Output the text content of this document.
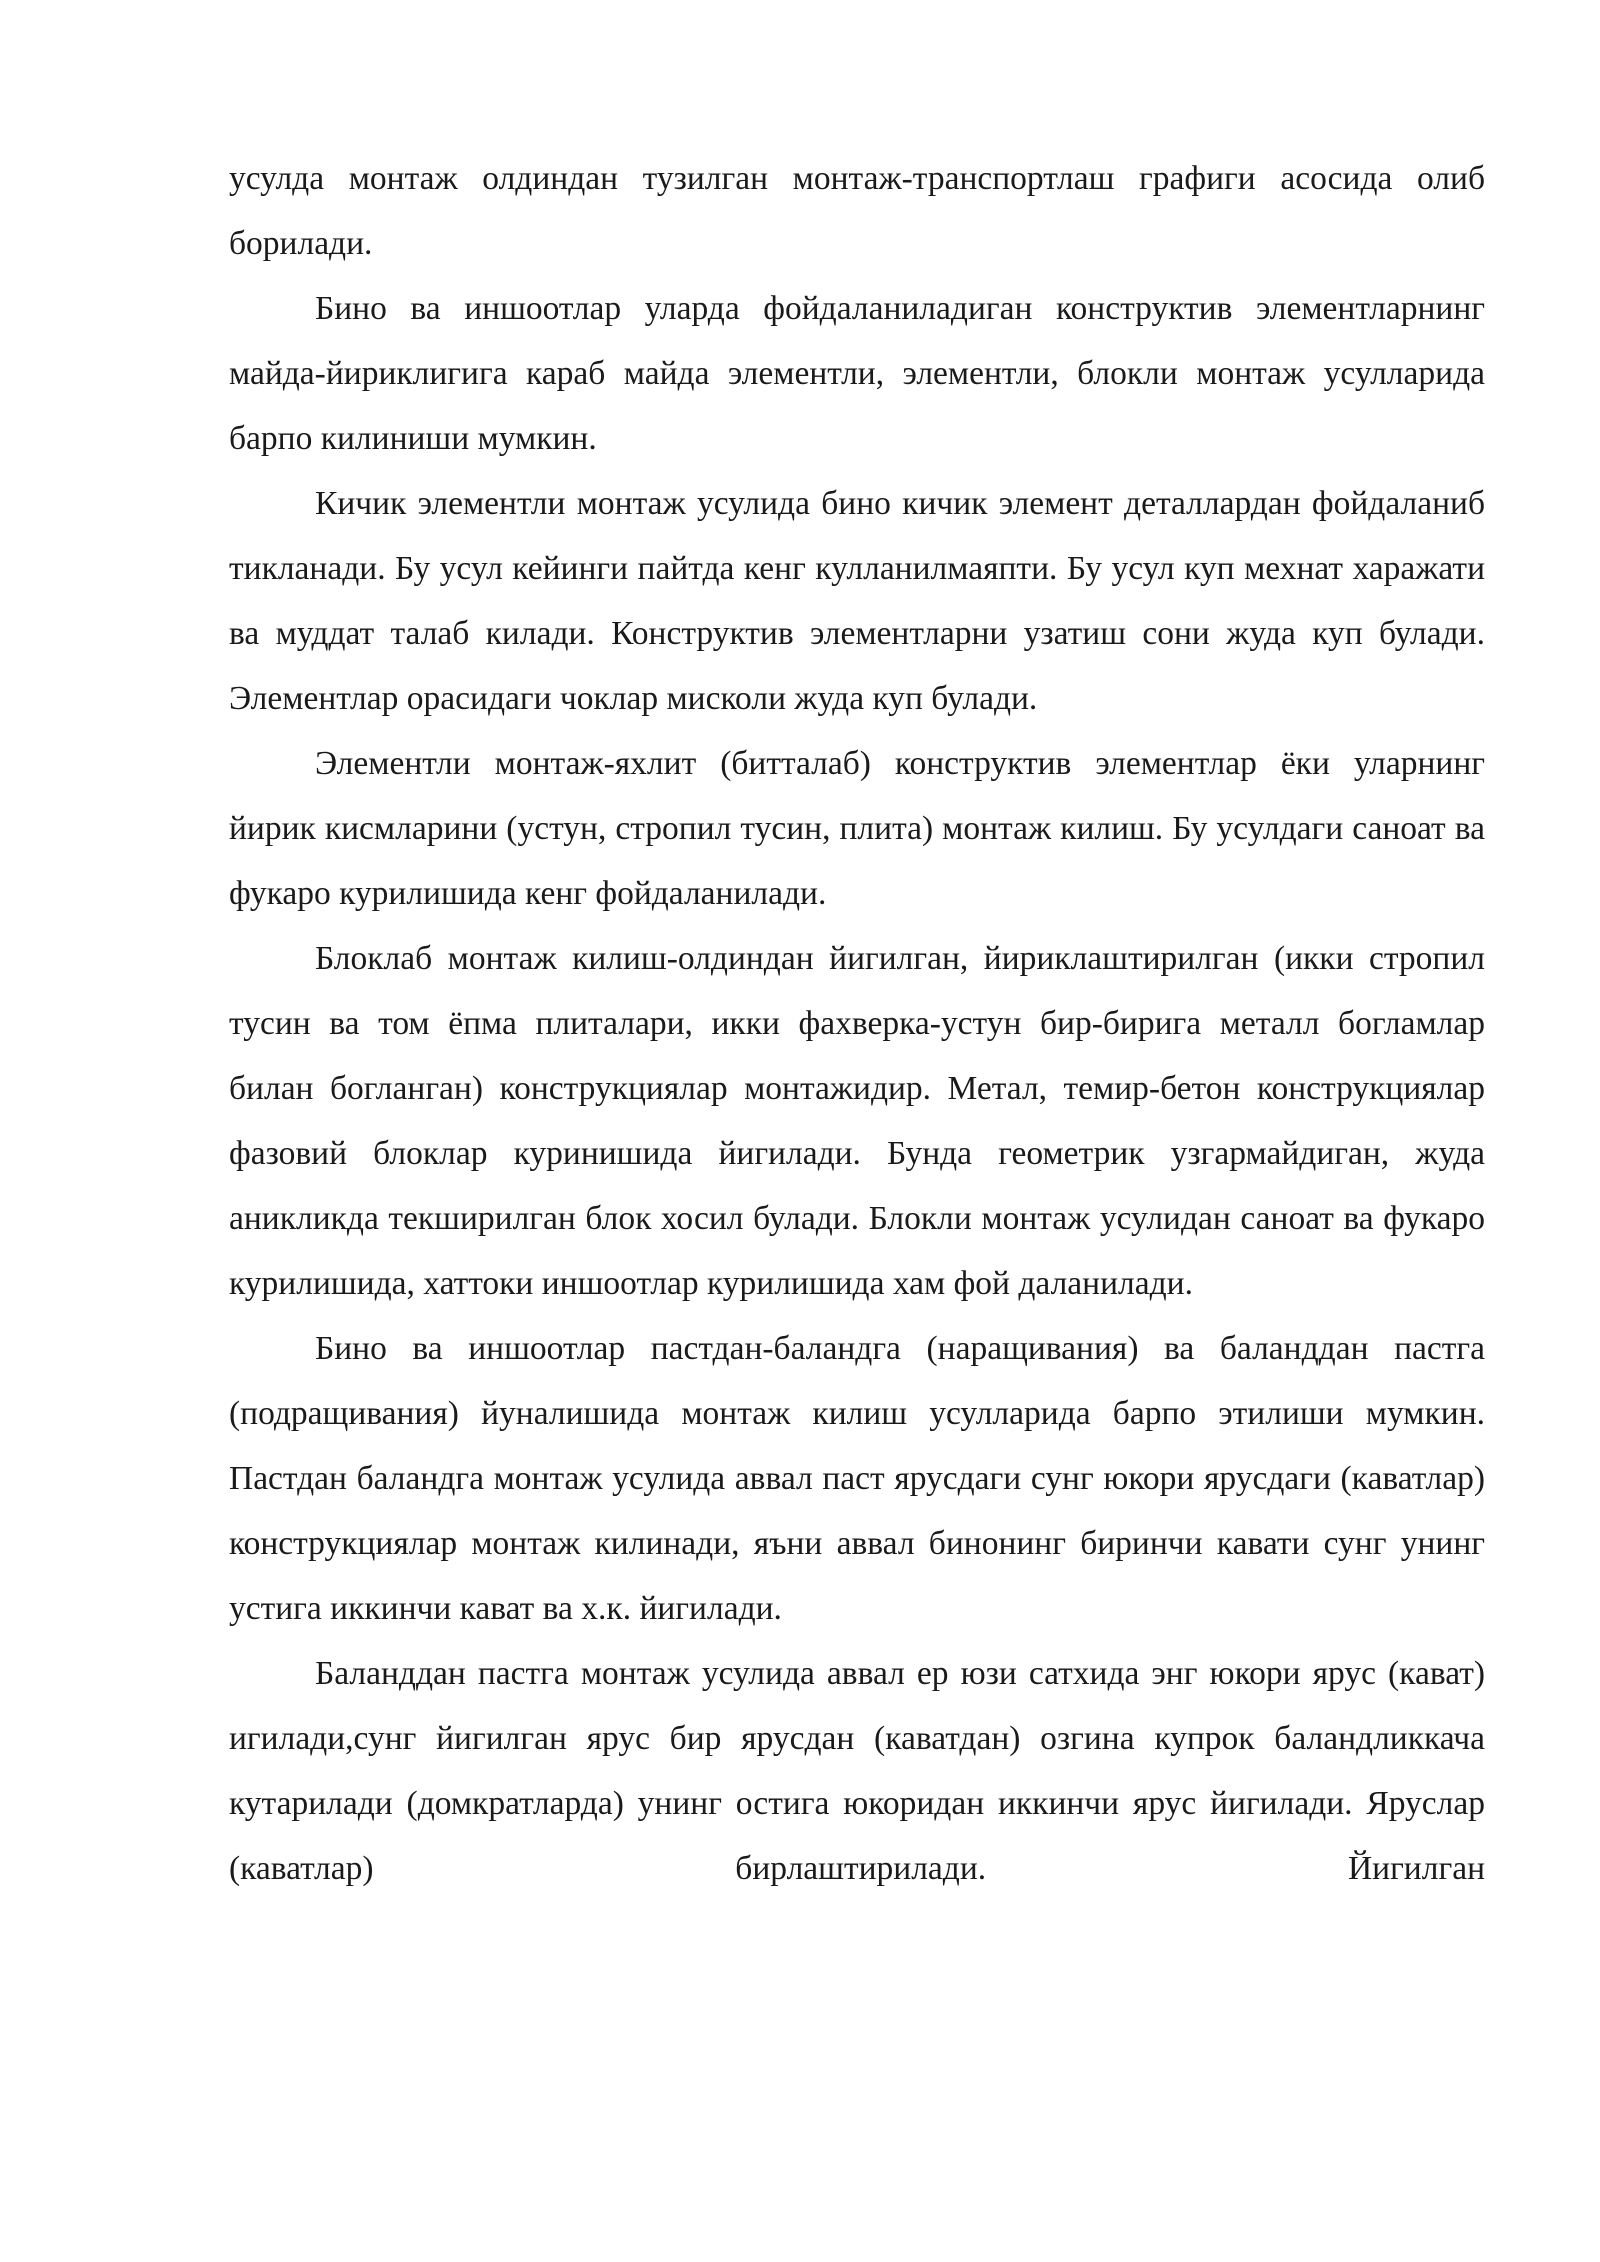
усулда монтаж олдиндан тузилган монтаж-транспортлаш графиги асосида олиб борилади.

Бино ва иншоотлар уларда фойдаланиладиган конструктив элементларнинг майда-йириклигига караб майда элементли, элементли, блокли монтаж усулларида барпо килиниши мумкин.

Кичик элементли монтаж усулида бино кичик элемент деталлардан фойдаланиб тикланади. Бу усул кейинги пайтда кенг кулланилмаяпти. Бу усул куп мехнат харажати ва муддат талаб килади. Конструктив элементларни узатиш сони жуда куп булади. Элементлар орасидаги чоклар мисколи жуда куп булади.

Элементли монтаж-яхлит (битталаб) конструктив элементлар ёки уларнинг йирик кисмларини (устун, стропил тусин, плита) монтаж килиш. Бу усулдаги саноат ва фукаро курилишида кенг фойдаланилади.

Блоклаб монтаж килиш-олдиндан йигилган, йириклаштирилган (икки стропил тусин ва том ёпма плиталари, икки фахверка-устун бир-бирига металл богламлар билан богланган) конструкциялар монтажидир. Метал, темир-бетон конструкциялар фазовий блоклар куринишида йигилади. Бунда геометрик узгармайдиган, жуда аникликда текширилган блок хосил булади. Блокли монтаж усулидан саноат ва фукаро курилишида, хаттоки иншоотлар курилишида хам фой даланилади.

Бино ва иншоотлар пастдан-баландга (наращивания) ва баланддан пастга (подращивания) йуналишида монтаж килиш усулларида барпо этилиши мумкин. Пастдан баландга монтаж усулида аввал паст ярусдаги сунг юкори ярусдаги (каватлар) конструкциялар монтаж килинади, яъни аввал бинонинг биринчи кавати сунг унинг устига иккинчи кават ва х.к. йигилади.

Баланддан пастга монтаж усулида аввал ер юзи сатхида энг юкори ярус (кават) игилади,сунг йигилган ярус бир ярусдан (каватдан) озгина купрок баландликкача кутарилади (домкратларда) унинг остига юкоридан иккинчи ярус йигилади. Яруслар (каватлар) бирлаштирилади. Йигилган
